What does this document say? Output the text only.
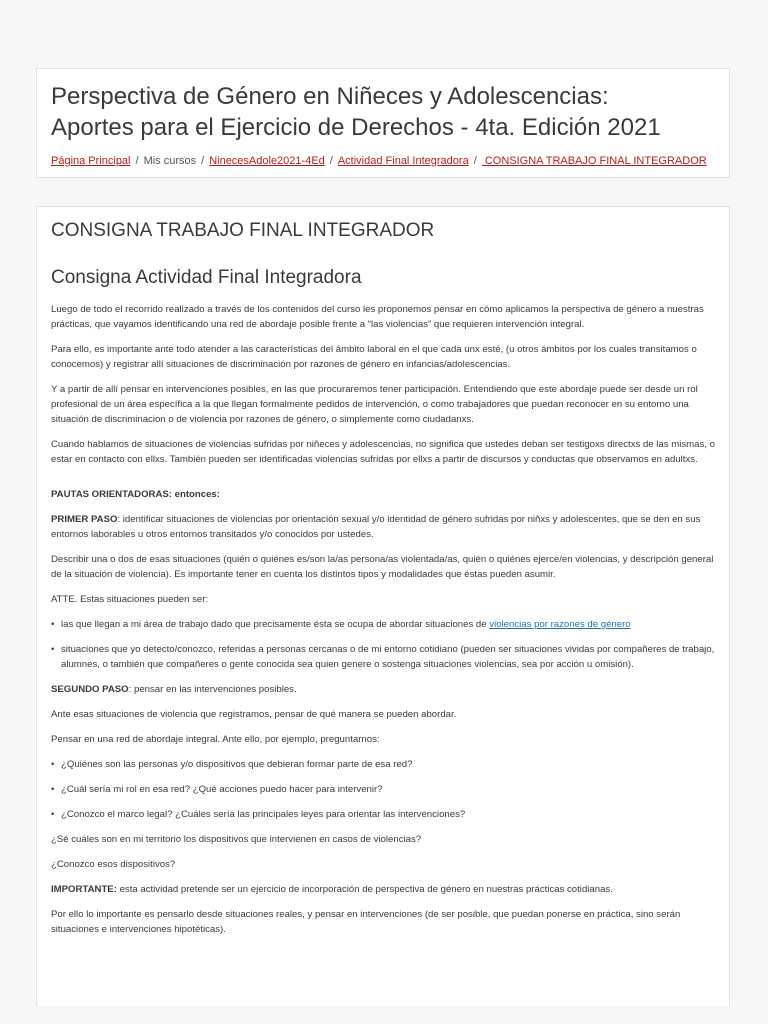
Perspectiva de Género en Niñeces y Adolescencias:
Aportes para el Ejercicio de Derechos - 4ta. Edición 2021
Página Principal / Mis cursos / NinecesAdole2021-4Ed / Actividad Final Integradora / CONSIGNA TRABAJO FINAL INTEGRADOR
CONSIGNA TRABAJO FINAL INTEGRADOR
Consigna Actividad Final Integradora

Luego de todo el recorrido realizado a través de los contenidos del curso les proponemos pensar en cómo aplicamos la perspectiva de género a nuestras prácticas, que vayamos identificando una red de abordaje posible frente a “las violencias” que requieren intervención integral.

Para ello, es importante ante todo atender a las características del ámbito laboral en el que cada unx esté, (u otros ámbitos por los cuales transitamos o conocemos) y registrar allí situaciones de discriminación por razones de género en infancias/adolescencias.

Y a partir de allí pensar en intervenciones posibles, en las que procuraremos tener participación. Entendiendo que este abordaje puede ser desde un rol profesional de un área específica a la que llegan formalmente pedidos de intervención, o como trabajadores que puedan reconocer en su entorno una situación de discriminacion o de violencia por razones de género, o simplemente como ciudadanxs.

Cuando hablamos de situaciones de violencias sufridas por niñeces y adolescencias, no significa que ustedes deban ser testigoxs directxs de las mismas, o estar en contacto con ellxs. También pueden ser identificadas violencias sufridas por ellxs a partir de discursos y conductas que observamos en adultxs.

PAUTAS ORIENTADORAS: entonces:

PRIMER PASO: identificar situaciones de violencias por orientación sexual y/o identidad de género sufridas por niñxs y adolescentes, que se den en sus entornos laborables u otros entornos transitados y/o conocidos por ustedes.

Describir una o dos de esas situaciones (quién o quiénes es/son la/as persona/as violentada/as, quién o quiénes ejerce/en violencias, y descripción general de la situación de violencia). Es importante tener en cuenta los distintos tipos y modalidades que éstas pueden asumir.

ATTE. Estas situaciones pueden ser:

• las que llegan a mi área de trabajo dado que precisamente ésta se ocupa de abordar situaciones de violencias por razones de género
• situaciones que yo detecto/conozco, referidas a personas cercanas o de mi entorno cotidiano (pueden ser situaciones vividas por compañeres de trabajo, alumnes, o también que compañeres o gente conocida sea quien genere o sostenga situaciones violencias, sea por acción u omisión).

SEGUNDO PASO: pensar en las intervenciones posibles.

Ante esas situaciones de violencia que registramos, pensar de qué manera se pueden abordar.

Pensar en una red de abordaje integral. Ante ello, por ejemplo, preguntarnos:

• ¿Quiénes son las personas y/o dispositivos que debieran formar parte de esa red?
• ¿Cuál sería mi rol en esa red? ¿Qué acciones puedo hacer para intervenir?
• ¿Conozco el marco legal? ¿Cuáles sería las principales leyes para orientar las intervenciones?

¿Sé cuáles son en mi territorio los dispositivos que intervienen en casos de violencias?

¿Conozco esos dispositivos?

IMPORTANTE: esta actividad pretende ser un ejercicio de incorporación de perspectiva de género en nuestras prácticas cotidianas.

Por ello lo importante es pensarlo desde situaciones reales, y pensar en intervenciones (de ser posible, que puedan ponerse en práctica, sino serán situaciones e intervenciones hipotéticas).
